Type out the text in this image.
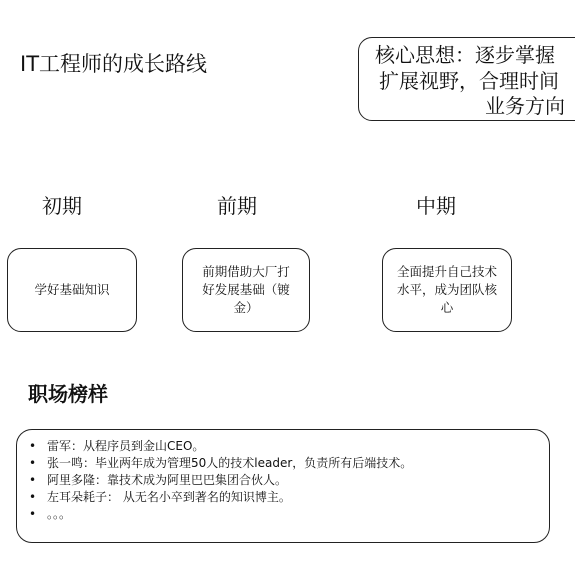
IT工程师的成长路线	核心思想：逐步掌握
扩展视野，合理时间
业务方向
初期	前期	中期
学好基础知识
前期借助大厂打好发展基础（镀金）
全面提升自己技术水平，成为团队核心
职场榜样
• 雷军：从程序员到金山CEO。
• 张一鸣：毕业两年成为管理50人的技术leader，负责所有后端技术。
• 阿里多隆：靠技术成为阿里巴巴集团合伙人。
• 左耳朵耗子： 从无名小卒到著名的知识博主。
• 。。。
